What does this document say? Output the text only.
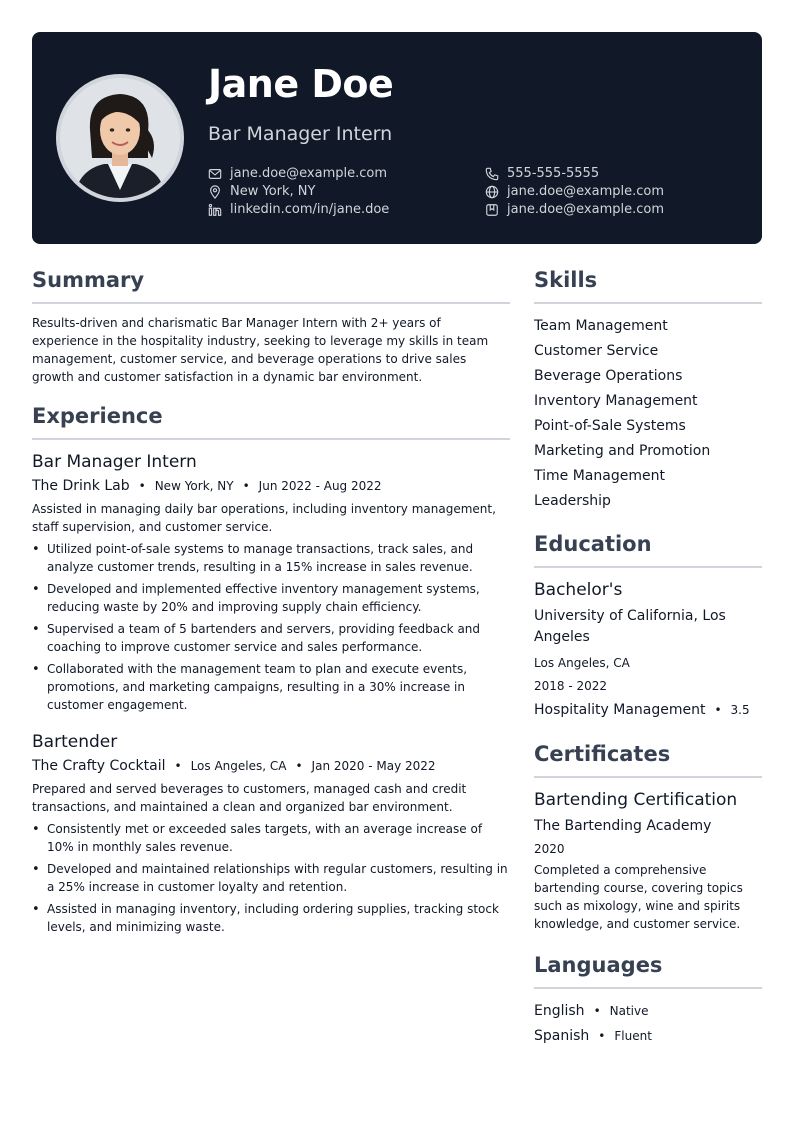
Jane Doe
Bar Manager Intern
jane.doe@example.com
New York, NY
linkedin.com/in/jane.doe
555-555-5555
jane.doe@example.com
jane.doe@example.com
Summary

Results-driven and charismatic Bar Manager Intern with 2+ years of experience in the hospitality industry, seeking to leverage my skills in team management, customer service, and beverage operations to drive sales growth and customer satisfaction in a dynamic bar environment.

Experience
Bar Manager Intern
The Drink Lab • New York, NY • Jun 2022 - Aug 2022

Assisted in managing daily bar operations, including inventory management, staff supervision, and customer service.

• Utilized point-of-sale systems to manage transactions, track sales, and analyze customer trends, resulting in a 15% increase in sales revenue.
• Developed and implemented effective inventory management systems, reducing waste by 20% and improving supply chain efficiency.
• Supervised a team of 5 bartenders and servers, providing feedback and coaching to improve customer service and sales performance.
• Collaborated with the management team to plan and execute events, promotions, and marketing campaigns, resulting in a 30% increase in customer engagement.
Bartender
The Crafty Cocktail • Los Angeles, CA • Jan 2020 - May 2022

Prepared and served beverages to customers, managed cash and credit transactions, and maintained a clean and organized bar environment.

• Consistently met or exceeded sales targets, with an average increase of 10% in monthly sales revenue.
• Developed and maintained relationships with regular customers, resulting in a 25% increase in customer loyalty and retention.
• Assisted in managing inventory, including ordering supplies, tracking stock levels, and minimizing waste.
Skills
Team Management
Customer Service
Beverage Operations
Inventory Management
Point-of-Sale Systems
Marketing and Promotion
Time Management
Leadership
Education
Bachelor's
University of California, Los Angeles
Los Angeles, CA
2018 - 2022
Hospitality Management • 3.5
Certificates
Bartending Certification
The Bartending Academy
2020

Completed a comprehensive bartending course, covering topics such as mixology, wine and spirits knowledge, and customer service.

Languages
English • Native
Spanish • Fluent
